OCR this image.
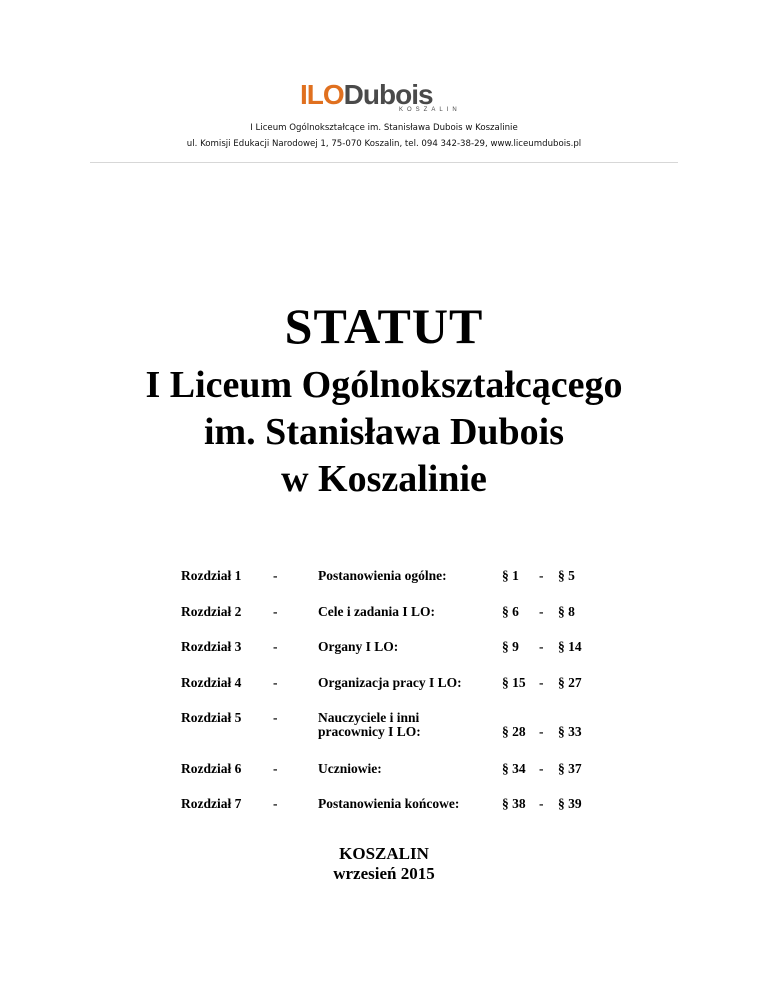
ILODubois
KOSZALIN
I Liceum Ogólnokształcące im. Stanisława Dubois w Koszalinie
ul. Komisji Edukacji Narodowej 1, 75-070 Koszalin, tel. 094 342-38-29, www.liceumdubois.pl
STATUT
I Liceum Ogólnokształcącego
im. Stanisława Dubois
w Koszalinie
Rozdział 1 -	Postanowienia ogólne:	§ 1 - § 5
Rozdział 2 -	Cele i zadania I LO:	§ 6 - § 8
Rozdział 3 -	Organy I LO:	§ 9 - § 14
Rozdział 4 -	Organizacja pracy I LO:	§ 15 - § 27
Rozdział 5 -	Nauczyciele i inni
pracownicy I LO:	§ 28 - § 33
Rozdział 6 -	Uczniowie:	§ 34 - § 37
Rozdział 7 -	Postanowienia końcowe:	§ 38 - § 39
KOSZALIN
wrzesień 2015
